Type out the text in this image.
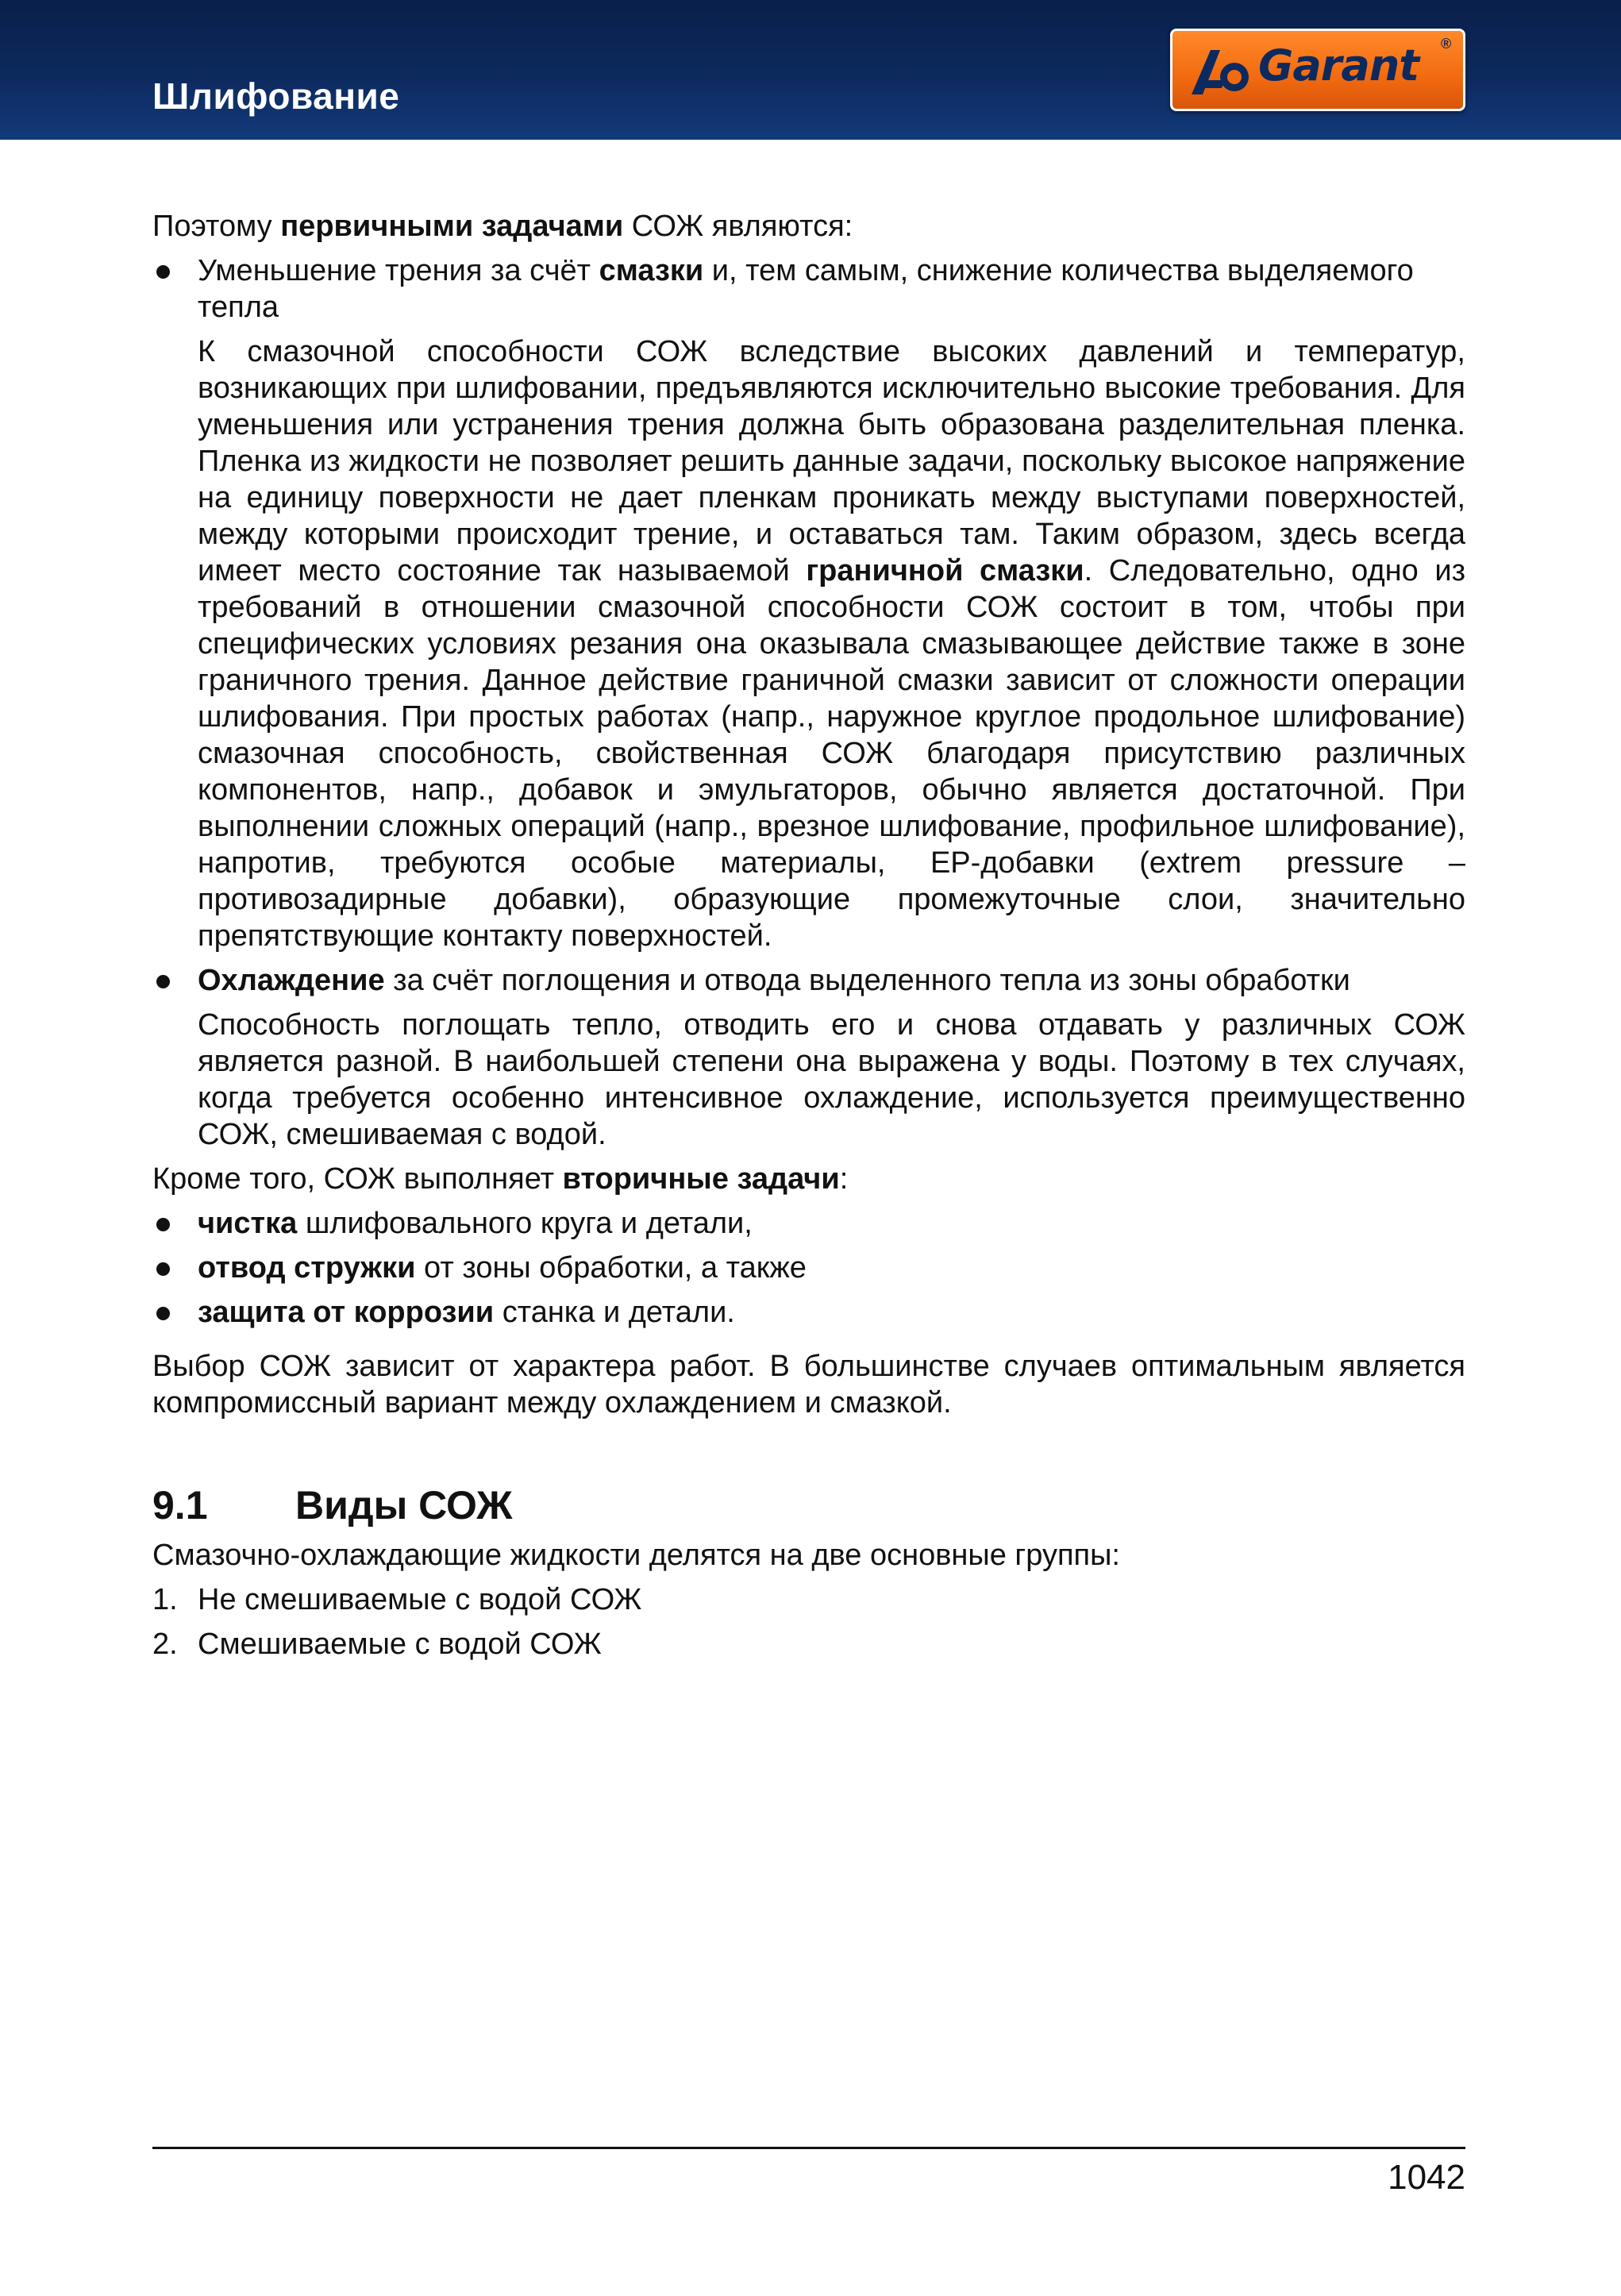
Шлифование
Garant ®

Поэтому первичными задачами СОЖ являются:

Уменьшение трения за счёт смазки и, тем самым, снижение количества выделяемого тепла

К смазочной способности СОЖ вследствие высоких давлений и температур, возникающих при шлифовании, предъявляются исключительно высокие требования. Для уменьшения или устранения трения должна быть образована разделительная пленка. Пленка из жидкости не позволяет решить данные задачи, поскольку высокое напряжение на единицу поверхности не дает пленкам проникать между выступами поверхностей, между которыми происходит трение, и оставаться там. Таким образом, здесь всегда имеет место состояние так называемой граничной смазки. Следовательно, одно из требований в отношении смазочной способности СОЖ состоит в том, чтобы при специфических условиях резания она оказывала смазывающее действие также в зоне граничного трения. Данное действие граничной смазки зависит от сложности операции шлифования. При простых работах (напр., наружное круглое продольное шлифование) смазочная способность, свойственная СОЖ благодаря присутствию различных компонентов, напр., добавок и эмульгаторов, обычно является достаточной. При выполнении сложных операций (напр., врезное шлифование, профильное шлифование), напротив, требуются особые материалы, EP-добавки (extrem pressure – противозадирные добавки), образующие промежуточные слои, значительно препятствующие контакту поверхностей.

Охлаждение за счёт поглощения и отвода выделенного тепла из зоны обработки

Способность поглощать тепло, отводить его и снова отдавать у различных СОЖ является разной. В наибольшей степени она выражена у воды. Поэтому в тех случаях, когда требуется особенно интенсивное охлаждение, используется преимущественно СОЖ, смешиваемая с водой.

Кроме того, СОЖ выполняет вторичные задачи:

чистка шлифовального круга и детали,

отвод стружки от зоны обработки, а также

защита от коррозии станка и детали.

Выбор СОЖ зависит от характера работ. В большинстве случаев оптимальным является компромиссный вариант между охлаждением и смазкой.

9.1 Виды СОЖ

Смазочно-охлаждающие жидкости делятся на две основные группы:

1. Не смешиваемые с водой СОЖ
2. Смешиваемые с водой СОЖ
1042
